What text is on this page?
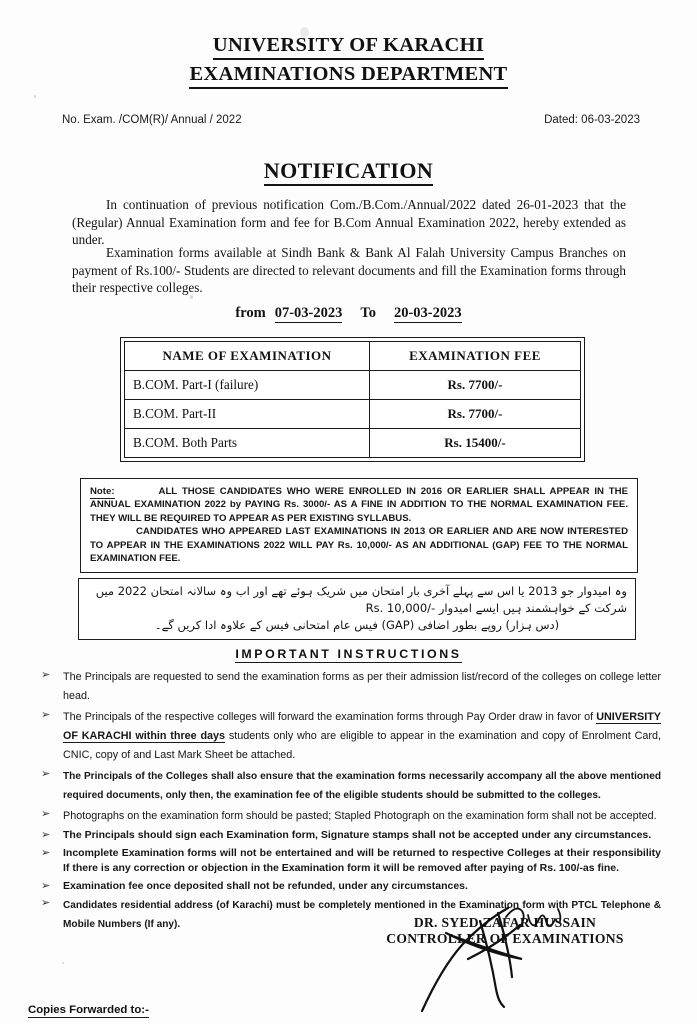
UNIVERSITY OF KARACHI
EXAMINATIONS DEPARTMENT
No. Exam. /COM(R)/ Annual / 2022	Dated: 06-03-2023
NOTIFICATION
In continuation of previous notification Com./B.Com./Annual/2022 dated 26-01-2023 that the (Regular) Annual Examination form and fee for B.Com Annual Examination 2022, hereby extended as under.
Examination forms available at Sindh Bank & Bank Al Falah University Campus Branches on payment of Rs.100/- Students are directed to relevant documents and fill the Examination forms through their respective colleges.
from 07-03-2023 To 20-03-2023
NAME OF EXAMINATION	EXAMINATION FEE
B.COM. Part-I (failure)	Rs. 7700/-
B.COM. Part-II	Rs. 7700/-
B.COM. Both Parts	Rs. 15400/-

Note:	ALL THOSE CANDIDATES WHO WERE ENROLLED IN 2016 OR EARLIER SHALL APPEAR IN THE ANNUAL EXAMINATION 2022 by PAYING Rs. 3000/- AS A FINE IN ADDITION TO THE NORMAL EXAMINATION FEE. THEY WILL BE REQUIRED TO APPEAR AS PER EXISTING SYLLABUS.

CANDIDATES WHO APPEARED LAST EXAMINATIONS IN 2013 OR EARLIER AND ARE NOW INTERESTED TO APPEAR IN THE EXAMINATIONS 2022 WILL PAY Rs. 10,000/- AS AN ADDITIONAL (GAP) FEE TO THE NORMAL EXAMINATION FEE.

وہ امیدوار جو 2013 یا اس سے پہلے آخری بار امتحان میں شریک ہوئے تھے اور اب وہ سالانہ امتحان 2022 میں شرکت کے خواہشمند ہیں ایسے امیدوار -/Rs. 10,000
(دس ہزار) روپے بطور اضافی (GAP) فیس عام امتحانی فیس کے علاوہ ادا کریں گے۔
IMPORTANT INSTRUCTIONS
➢	The Principals are requested to send the examination forms as per their admission list/record of the colleges on college letter head.
➢	The Principals of the respective colleges will forward the examination forms through Pay Order draw in favor of UNIVERSITY OF KARACHI within three days students only who are eligible to appear in the examination and copy of Enrolment Card, CNIC, copy of and Last Mark Sheet be attached.
➢	The Principals of the Colleges shall also ensure that the examination forms necessarily accompany all the above mentioned required documents, only then, the examination fee of the eligible students should be submitted to the colleges.
➢	Photographs on the examination form should be pasted; Stapled Photograph on the examination form shall not be accepted.
➢	The Principals should sign each Examination form, Signature stamps shall not be accepted under any circumstances.
➢	Incomplete Examination forms will not be entertained and will be returned to respective Colleges at their responsibility If there is any correction or objection in the Examination form it will be removed after paying of Rs. 100/-as fine.
➢	Examination fee once deposited shall not be refunded, under any circumstances.
➢	Candidates residential address (of Karachi) must be completely mentioned in the Examination form with PTCL Telephone & Mobile Numbers (If any).	DR. SYED ZAFAR HUSSAIN
CONTROLLER OF EXAMINATIONS
Copies Forwarded to:-
